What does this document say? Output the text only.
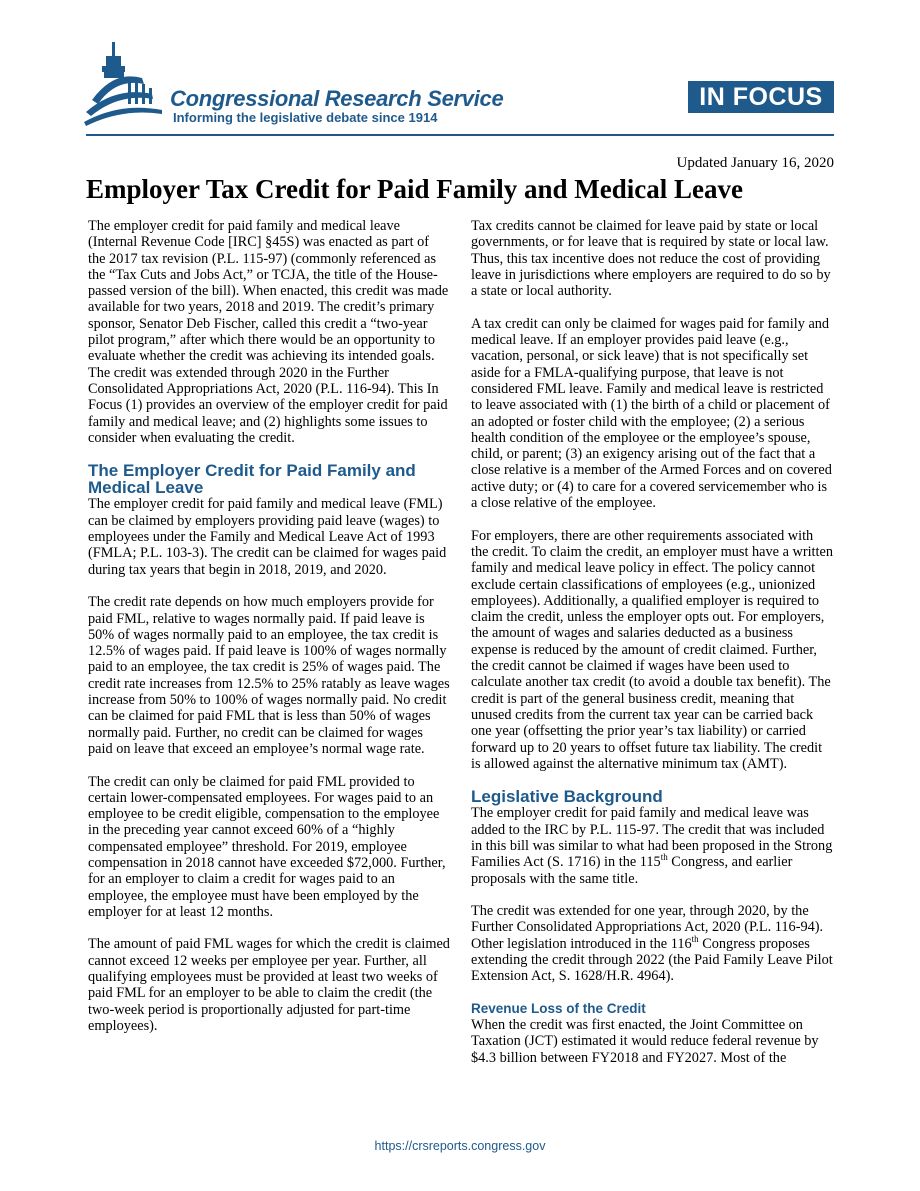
Congressional Research Service
Informing the legislative debate since 1914
IN FOCUS
Updated January 16, 2020
Employer Tax Credit for Paid Family and Medical Leave

The employer credit for paid family and medical leave (Internal Revenue Code [IRC] §45S) was enacted as part of the 2017 tax revision (P.L. 115-97) (commonly referenced as the “Tax Cuts and Jobs Act,” or TCJA, the title of the House-passed version of the bill). When enacted, this credit was made available for two years, 2018 and 2019. The credit’s primary sponsor, Senator Deb Fischer, called this credit a “two-year pilot program,” after which there would be an opportunity to evaluate whether the credit was achieving its intended goals. The credit was extended through 2020 in the Further Consolidated Appropriations Act, 2020 (P.L. 116-94). This In Focus (1) provides an overview of the employer credit for paid family and medical leave; and (2) highlights some issues to consider when evaluating the credit.

The Employer Credit for Paid Family and Medical Leave

The employer credit for paid family and medical leave (FML) can be claimed by employers providing paid leave (wages) to employees under the Family and Medical Leave Act of 1993 (FMLA; P.L. 103-3). The credit can be claimed for wages paid during tax years that begin in 2018, 2019, and 2020.

The credit rate depends on how much employers provide for paid FML, relative to wages normally paid. If paid leave is 50% of wages normally paid to an employee, the tax credit is 12.5% of wages paid. If paid leave is 100% of wages normally paid to an employee, the tax credit is 25% of wages paid. The credit rate increases from 12.5% to 25% ratably as leave wages increase from 50% to 100% of wages normally paid. No credit can be claimed for paid FML that is less than 50% of wages normally paid. Further, no credit can be claimed for wages paid on leave that exceed an employee’s normal wage rate.

The credit can only be claimed for paid FML provided to certain lower-compensated employees. For wages paid to an employee to be credit eligible, compensation to the employee in the preceding year cannot exceed 60% of a “highly compensated employee” threshold. For 2019, employee compensation in 2018 cannot have exceeded $72,000. Further, for an employer to claim a credit for wages paid to an employee, the employee must have been employed by the employer for at least 12 months.

The amount of paid FML wages for which the credit is claimed cannot exceed 12 weeks per employee per year. Further, all qualifying employees must be provided at least two weeks of paid FML for an employer to be able to claim the credit (the two-week period is proportionally adjusted for part-time employees).

Tax credits cannot be claimed for leave paid by state or local governments, or for leave that is required by state or local law. Thus, this tax incentive does not reduce the cost of providing leave in jurisdictions where employers are required to do so by a state or local authority.

A tax credit can only be claimed for wages paid for family and medical leave. If an employer provides paid leave (e.g., vacation, personal, or sick leave) that is not specifically set aside for a FMLA-qualifying purpose, that leave is not considered FML leave. Family and medical leave is restricted to leave associated with (1) the birth of a child or placement of an adopted or foster child with the employee; (2) a serious health condition of the employee or the employee’s spouse, child, or parent; (3) an exigency arising out of the fact that a close relative is a member of the Armed Forces and on covered active duty; or (4) to care for a covered servicemember who is a close relative of the employee.

For employers, there are other requirements associated with the credit. To claim the credit, an employer must have a written family and medical leave policy in effect. The policy cannot exclude certain classifications of employees (e.g., unionized employees). Additionally, a qualified employer is required to claim the credit, unless the employer opts out. For employers, the amount of wages and salaries deducted as a business expense is reduced by the amount of credit claimed. Further, the credit cannot be claimed if wages have been used to calculate another tax credit (to avoid a double tax benefit). The credit is part of the general business credit, meaning that unused credits from the current tax year can be carried back one year (offsetting the prior year’s tax liability) or carried forward up to 20 years to offset future tax liability. The credit is allowed against the alternative minimum tax (AMT).

Legislative Background

The employer credit for paid family and medical leave was added to the IRC by P.L. 115-97. The credit that was included in this bill was similar to what had been proposed in the Strong Families Act (S. 1716) in the 115th Congress, and earlier proposals with the same title.

The credit was extended for one year, through 2020, by the Further Consolidated Appropriations Act, 2020 (P.L. 116-94). Other legislation introduced in the 116th Congress proposes extending the credit through 2022 (the Paid Family Leave Pilot Extension Act, S. 1628/H.R. 4964).

Revenue Loss of the Credit

When the credit was first enacted, the Joint Committee on Taxation (JCT) estimated it would reduce federal revenue by $4.3 billion between FY2018 and FY2027. Most of the

https://crsreports.congress.gov
